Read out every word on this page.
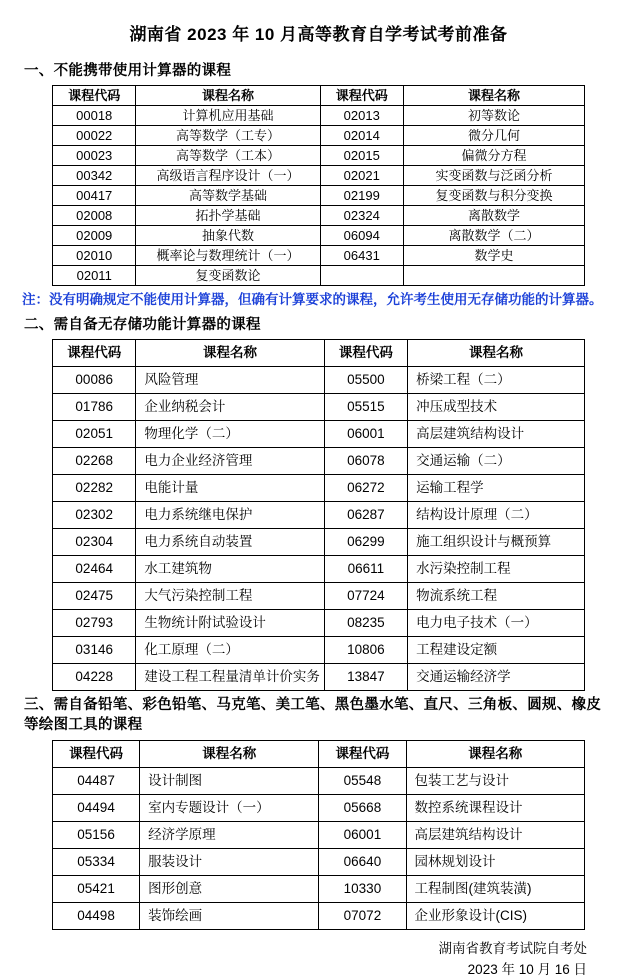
湖南省 2023 年 10 月高等教育自学考试考前准备
一、不能携带使用计算器的课程
课程代码	课程名称	课程代码	课程名称
00018	计算机应用基础	02013	初等数论
00022	高等数学（工专）	02014	微分几何
00023	高等数学（工本）	02015	偏微分方程
00342	高级语言程序设计（一）	02021	实变函数与泛函分析
00417	高等数学基础	02199	复变函数与积分变换
02008	拓扑学基础	02324	离散数学
02009	抽象代数	06094	离散数学（二）
02010	概率论与数理统计（一）	06431	数学史
02011	复变函数论		
注：没有明确规定不能使用计算器，但确有计算要求的课程，允许考生使用无存储功能的计算器。
二、需自备无存储功能计算器的课程
课程代码	课程名称	课程代码	课程名称
00086	风险管理	05500	桥梁工程（二）
01786	企业纳税会计	05515	冲压成型技术
02051	物理化学（二）	06001	高层建筑结构设计
02268	电力企业经济管理	06078	交通运输（二）
02282	电能计量	06272	运输工程学
02302	电力系统继电保护	06287	结构设计原理（二）
02304	电力系统自动装置	06299	施工组织设计与概预算
02464	水工建筑物	06611	水污染控制工程
02475	大气污染控制工程	07724	物流系统工程
02793	生物统计附试验设计	08235	电力电子技术（一）
03146	化工原理（二）	10806	工程建设定额
04228	建设工程工程量清单计价实务	13847	交通运输经济学
三、需自备铅笔、彩色铅笔、马克笔、美工笔、黑色墨水笔、直尺、三角板、圆规、橡皮等绘图工具的课程
课程代码	课程名称	课程代码	课程名称
04487	设计制图	05548	包装工艺与设计
04494	室内专题设计（一）	05668	数控系统课程设计
05156	经济学原理	06001	高层建筑结构设计
05334	服装设计	06640	园林规划设计
05421	图形创意	10330	工程制图(建筑装潢)
04498	装饰绘画	07072	企业形象设计(CIS)
湖南省教育考试院自考处
2023 年 10 月 16 日
